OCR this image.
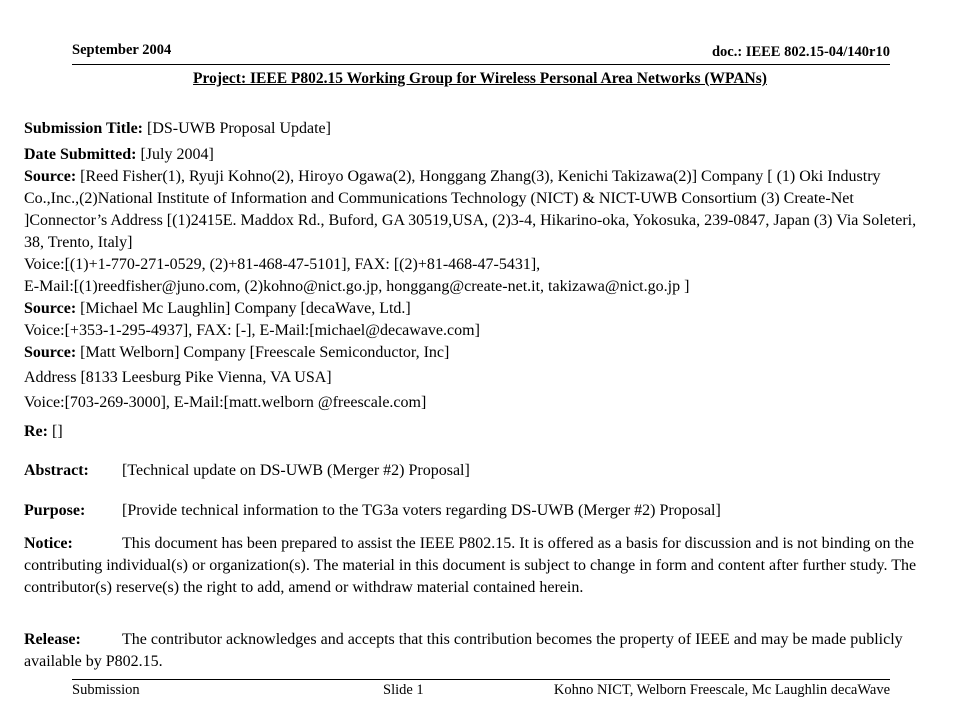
September 2004	doc.: IEEE 802.15-04/140r10
Project: IEEE P802.15 Working Group for Wireless Personal Area Networks (WPANs)
Submission Title: [DS-UWB Proposal Update]
Date Submitted: [July 2004]
Source: [Reed Fisher(1), Ryuji Kohno(2), Hiroyo Ogawa(2), Honggang Zhang(3), Kenichi Takizawa(2)] Company [ (1) Oki Industry Co.,Inc.,(2)National Institute of Information and Communications Technology (NICT) & NICT-UWB Consortium (3) Create-Net ]Connector’s Address [(1)2415E. Maddox Rd., Buford, GA 30519,USA, (2)3-4, Hikarino-oka, Yokosuka, 239-0847, Japan (3) Via Soleteri, 38, Trento, Italy]
Voice:[(1)+1-770-271-0529, (2)+81-468-47-5101], FAX: [(2)+81-468-47-5431],
E-Mail:[(1)reedfisher@juno.com, (2)kohno@nict.go.jp, honggang@create-net.it, takizawa@nict.go.jp ]
Source: [Michael Mc Laughlin] Company [decaWave, Ltd.]
Voice:[+353-1-295-4937], FAX: [-], E-Mail:[michael@decawave.com]
Source: [Matt Welborn] Company [Freescale Semiconductor, Inc]
Address [8133 Leesburg Pike Vienna, VA USA]
Voice:[703-269-3000], E-Mail:[matt.welborn @freescale.com]
Re: []
Abstract: [Technical update on DS-UWB (Merger #2) Proposal]
Purpose: [Provide technical information to the TG3a voters regarding DS-UWB (Merger #2) Proposal]
Notice:	This document has been prepared to assist the IEEE P802.15. It is offered as a basis for discussion and is not binding on the contributing individual(s) or organization(s). The material in this document is subject to change in form and content after further study. The contributor(s) reserve(s) the right to add, amend or withdraw material contained herein.
Release:	The contributor acknowledges and accepts that this contribution becomes the property of IEEE and may be made publicly available by P802.15.
Submission	Slide 1	Kohno NICT, Welborn Freescale, Mc Laughlin decaWave
